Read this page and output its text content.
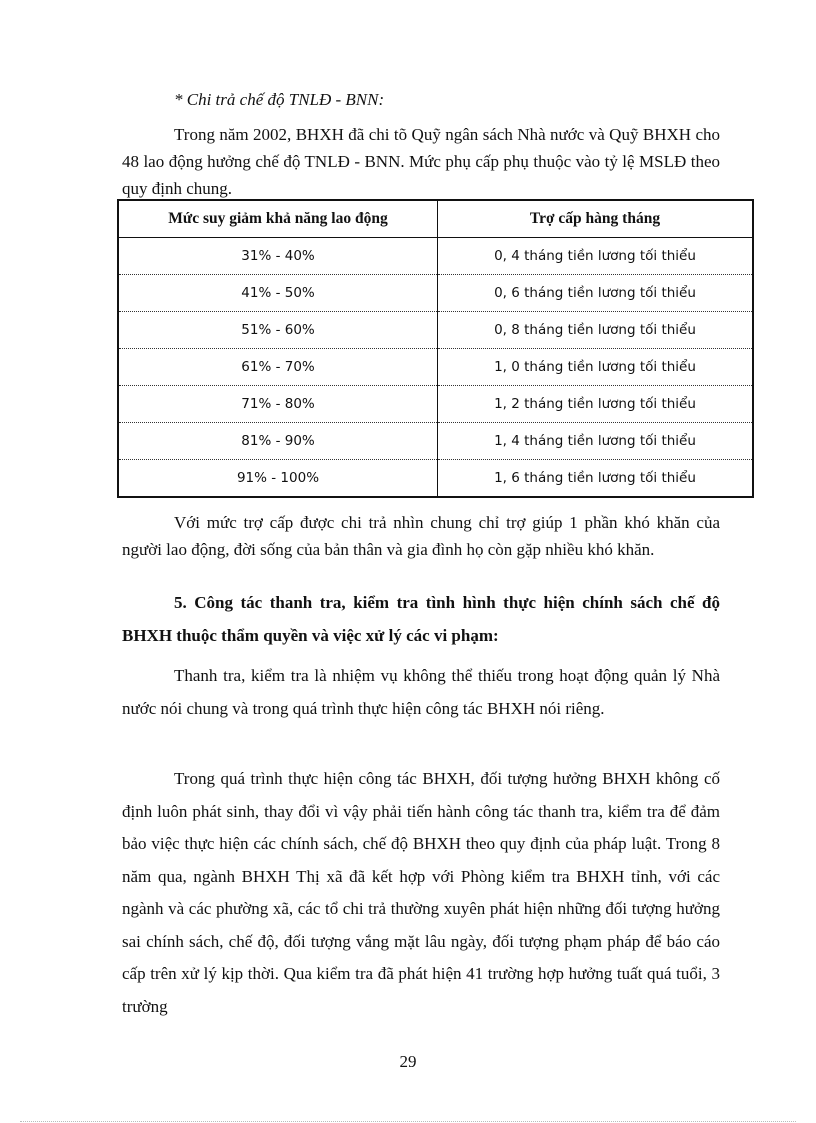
* Chi trả chế độ TNLĐ - BNN:

Trong năm 2002, BHXH đã chi tõ Quỹ ngân sách Nhà nước và Quỹ BHXH cho 48 lao động hưởng chế độ TNLĐ - BNN. Mức phụ cấp phụ thuộc vào tỷ lệ MSLĐ theo quy định chung.

Mức suy giảm khả năng lao động	Trợ cấp hàng tháng
31% - 40%	0, 4 tháng tiền lương tối thiểu
41% - 50%	0, 6 tháng tiền lương tối thiểu
51% - 60%	0, 8 tháng tiền lương tối thiểu
61% - 70%	1, 0 tháng tiền lương tối thiểu
71% - 80%	1, 2 tháng tiền lương tối thiểu
81% - 90%	1, 4 tháng tiền lương tối thiểu
91% - 100%	1, 6 tháng tiền lương tối thiểu

Với mức trợ cấp được chi trả nhìn chung chỉ trợ giúp 1 phần khó khăn của người lao động, đời sống của bản thân và gia đình họ còn gặp nhiều khó khăn.

5. Công tác thanh tra, kiểm tra tình hình thực hiện chính sách chế độ BHXH thuộc thẩm quyền và việc xử lý các vi phạm:

Thanh tra, kiểm tra là nhiệm vụ không thể thiếu trong hoạt động quản lý Nhà nước nói chung và trong quá trình thực hiện công tác BHXH nói riêng.

Trong quá trình thực hiện công tác BHXH, đối tượng hưởng BHXH không cố định luôn phát sinh, thay đổi vì vậy phải tiến hành công tác thanh tra, kiểm tra để đảm bảo việc thực hiện các chính sách, chế độ BHXH theo quy định của pháp luật. Trong 8 năm qua, ngành BHXH Thị xã đã kết hợp với Phòng kiểm tra BHXH tỉnh, với các ngành và các phường xã, các tổ chi trả thường xuyên phát hiện những đối tượng hưởng sai chính sách, chế độ, đối tượng vắng mặt lâu ngày, đối tượng phạm pháp để báo cáo cấp trên xử lý kịp thời. Qua kiểm tra đã phát hiện 41 trường hợp hưởng tuất quá tuổi, 3 trường

29
